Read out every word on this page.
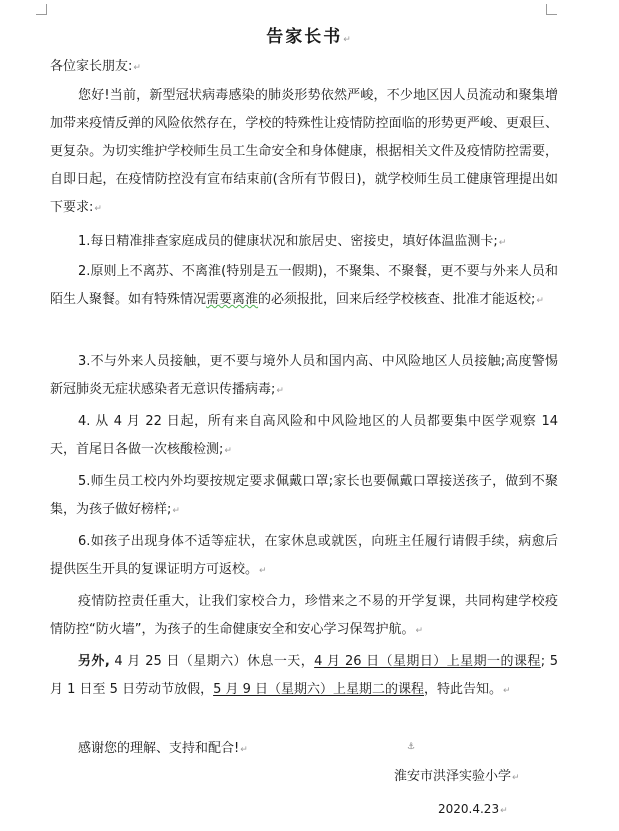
告家长书↵
各位家长朋友:↵
您好!当前，新型冠状病毒感染的肺炎形势依然严峻，不少地区因人员流动和聚集增加带来疫情反弹的风险依然存在，学校的特殊性让疫情防控面临的形势更严峻、更艰巨、更复杂。为切实维护学校师生员工生命安全和身体健康，根据相关文件及疫情防控需要，自即日起，在疫情防控没有宣布结束前(含所有节假日)，就学校师生员工健康管理提出如下要求:↵
1.每日精准排查家庭成员的健康状况和旅居史、密接史，填好体温监测卡;↵
2.原则上不离苏、不离淮(特别是五一假期)，不聚集、不聚餐，更不要与外来人员和陌生人聚餐。如有特殊情况需要离淮的必须报批，回来后经学校核查、批准才能返校;↵
3.不与外来人员接触，更不要与境外人员和国内高、中风险地区人员接触;高度警惕新冠肺炎无症状感染者无意识传播病毒;↵
4. 从 4 月 22 日起，所有来自高风险和中风险地区的人员都要集中医学观察 14 天，首尾日各做一次核酸检测;↵
5.师生员工校内外均要按规定要求佩戴口罩;家长也要佩戴口罩接送孩子，做到不聚集，为孩子做好榜样;↵
6.如孩子出现身体不适等症状，在家休息或就医，向班主任履行请假手续，病愈后提供医生开具的复课证明方可返校。↵
疫情防控责任重大，让我们家校合力，珍惜来之不易的开学复课，共同构建学校疫情防控“防火墙”，为孩子的生命健康安全和安心学习保驾护航。↵
另外, 4 月 25 日（星期六）休息一天，4 月 26 日（星期日）上星期一的课程; 5 月 1 日至 5 日劳动节放假，5 月 9 日（星期六）上星期二的课程，特此告知。↵
感谢您的理解、支持和配合!↵	⚓
淮安市洪泽实验小学↵
2020.4.23↵
